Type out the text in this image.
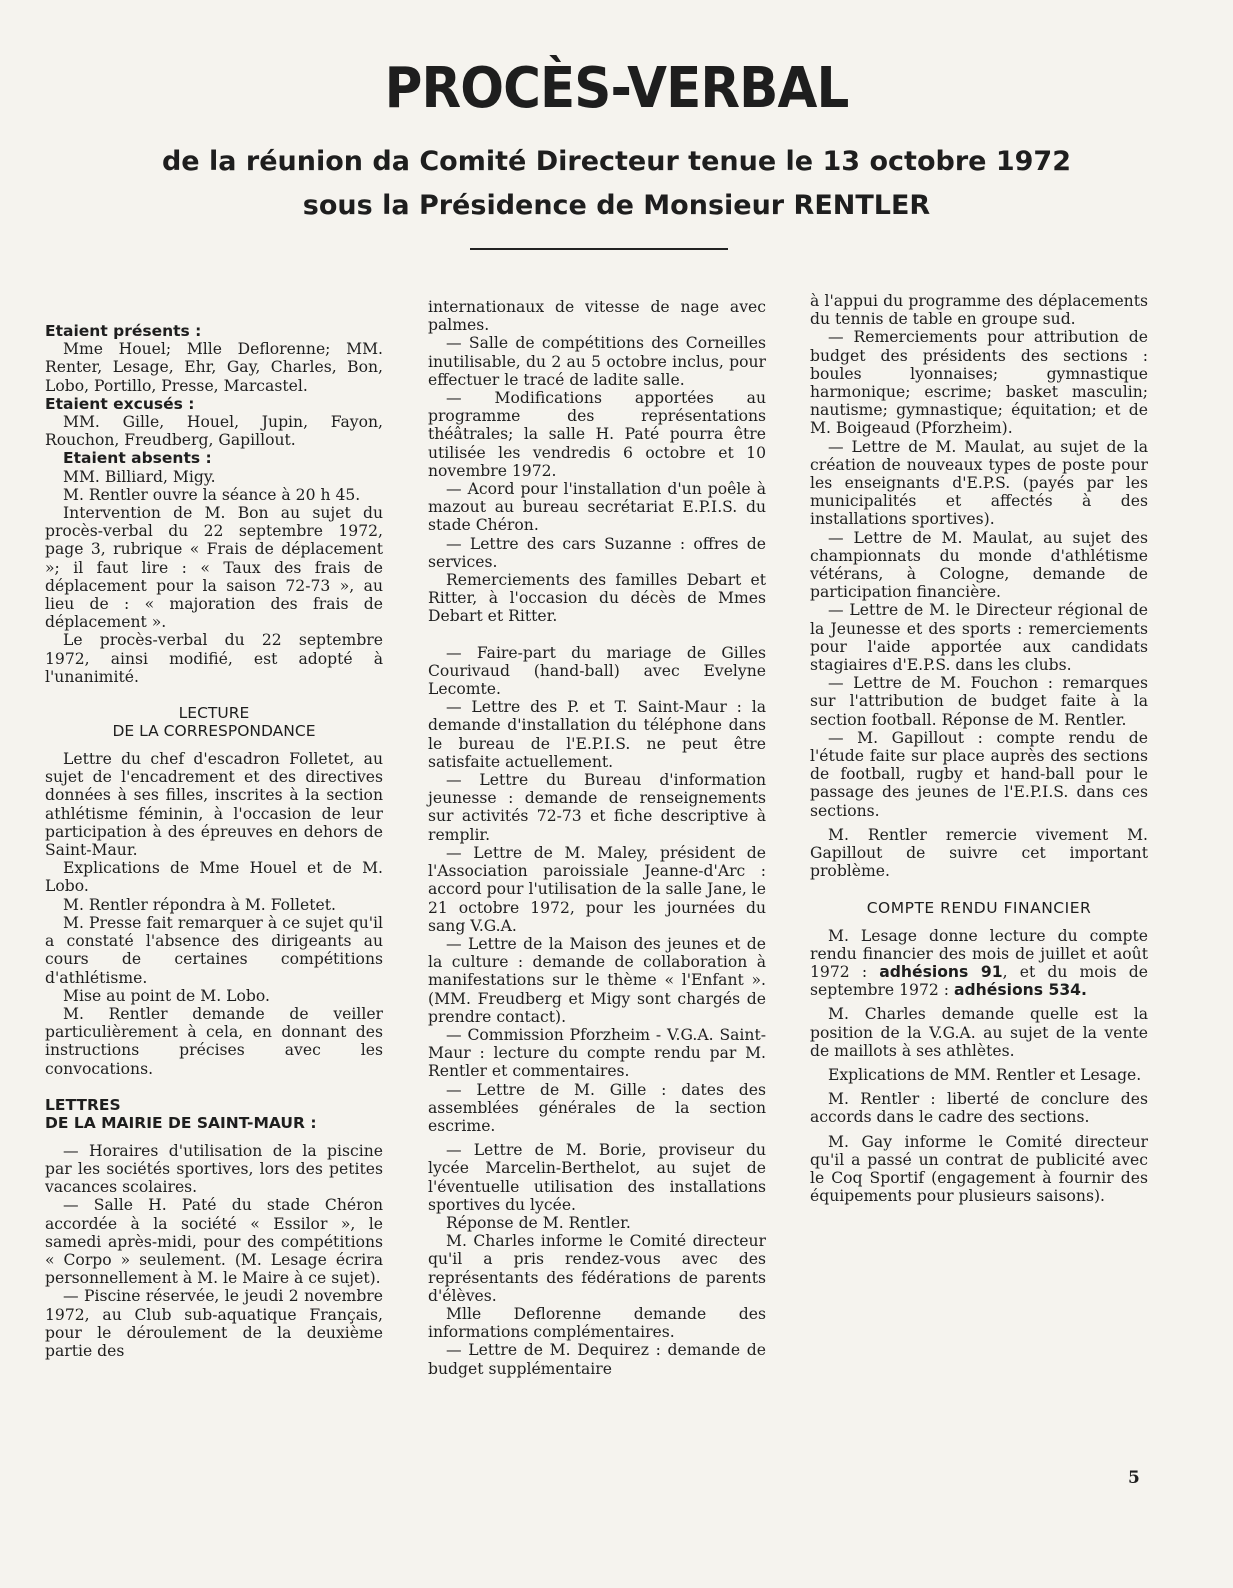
PROCÈS-VERBAL
de la réunion da Comité Directeur tenue le 13 octobre 1972
sous la Présidence de Monsieur RENTLER

Etaient présents :

Mme Houel; Mlle Deflorenne; MM. Renter, Lesage, Ehr, Gay, Charles, Bon, Lobo, Portillo, Presse, Marcastel.

Etaient excusés :

MM. Gille, Houel, Jupin, Fayon, Rouchon, Freudberg, Gapillout.

Etaient absents :

MM. Billiard, Migy.

M. Rentler ouvre la séance à 20 h 45.

Intervention de M. Bon au sujet du procès-verbal du 22 septembre 1972, page 3, rubrique « Frais de déplacement »; il faut lire : « Taux des frais de déplacement pour la saison 72-73 », au lieu de : « majoration des frais de déplacement ».

Le procès-verbal du 22 septembre 1972, ainsi modifié, est adopté à l'unanimité.

LECTURE
DE LA CORRESPONDANCE

Lettre du chef d'escadron Folletet, au sujet de l'encadrement et des directives données à ses filles, inscrites à la section athlétisme féminin, à l'occasion de leur participation à des épreuves en dehors de Saint-Maur.

Explications de Mme Houel et de M. Lobo.

M. Rentler répondra à M. Folletet.

M. Presse fait remarquer à ce sujet qu'il a constaté l'absence des dirigeants au cours de certaines compétitions d'athlétisme.

Mise au point de M. Lobo.

M. Rentler demande de veiller particulièrement à cela, en donnant des instructions précises avec les convocations.

LETTRES
DE LA MAIRIE DE SAINT-MAUR :

— Horaires d'utilisation de la piscine par les sociétés sportives, lors des petites vacances scolaires.

— Salle H. Paté du stade Chéron accordée à la société « Essilor », le samedi après-midi, pour des compétitions « Corpo » seulement. (M. Lesage écrira personnellement à M. le Maire à ce sujet).

— Piscine réservée, le jeudi 2 novembre 1972, au Club sub-aquatique Français, pour le déroulement de la deuxième partie des

internationaux de vitesse de nage avec palmes.

— Salle de compétitions des Corneilles inutilisable, du 2 au 5 octobre inclus, pour effectuer le tracé de ladite salle.

— Modifications apportées au programme des représentations théâtrales; la salle H. Paté pourra être utilisée les vendredis 6 octobre et 10 novembre 1972.

— Acord pour l'installation d'un poêle à mazout au bureau secrétariat E.P.I.S. du stade Chéron.

— Lettre des cars Suzanne : offres de services.

Remerciements des familles Debart et Ritter, à l'occasion du décès de Mmes Debart et Ritter.

— Faire-part du mariage de Gilles Courivaud (hand-ball) avec Evelyne Lecomte.

— Lettre des P. et T. Saint-Maur : la demande d'installation du téléphone dans le bureau de l'E.P.I.S. ne peut être satisfaite actuellement.

— Lettre du Bureau d'information jeunesse : demande de renseignements sur activités 72-73 et fiche descriptive à remplir.

— Lettre de M. Maley, président de l'Association paroissiale Jeanne-d'Arc : accord pour l'utilisation de la salle Jane, le 21 octobre 1972, pour les journées du sang V.G.A.

— Lettre de la Maison des jeunes et de la culture : demande de collaboration à manifestations sur le thème « l'Enfant ». (MM. Freudberg et Migy sont chargés de prendre contact).

— Commission Pforzheim - V.G.A. Saint-Maur : lecture du compte rendu par M. Rentler et commentaires.

— Lettre de M. Gille : dates des assemblées générales de la section escrime.

— Lettre de M. Borie, proviseur du lycée Marcelin-Berthelot, au sujet de l'éventuelle utilisation des installations sportives du lycée.

Réponse de M. Rentler.

M. Charles informe le Comité directeur qu'il a pris rendez-vous avec des représentants des fédérations de parents d'élèves.

Mlle Deflorenne demande des informations complémentaires.

— Lettre de M. Dequirez : demande de budget supplémentaire

à l'appui du programme des déplacements du tennis de table en groupe sud.

— Remerciements pour attribution de budget des présidents des sections : boules lyonnaises; gymnastique harmonique; escrime; basket masculin; nautisme; gymnastique; équitation; et de M. Boigeaud (Pforzheim).

— Lettre de M. Maulat, au sujet de la création de nouveaux types de poste pour les enseignants d'E.P.S. (payés par les municipalités et affectés à des installations sportives).

— Lettre de M. Maulat, au sujet des championnats du monde d'athlétisme vétérans, à Cologne, demande de participation financière.

— Lettre de M. le Directeur régional de la Jeunesse et des sports : remerciements pour l'aide apportée aux candidats stagiaires d'E.P.S. dans les clubs.

— Lettre de M. Fouchon : remarques sur l'attribution de budget faite à la section football. Réponse de M. Rentler.

— M. Gapillout : compte rendu de l'étude faite sur place auprès des sections de football, rugby et hand-ball pour le passage des jeunes de l'E.P.I.S. dans ces sections.

M. Rentler remercie vivement M. Gapillout de suivre cet important problème.

COMPTE RENDU FINANCIER

M. Lesage donne lecture du compte rendu financier des mois de juillet et août 1972 : adhésions 91, et du mois de septembre 1972 : adhésions 534.

M. Charles demande quelle est la position de la V.G.A. au sujet de la vente de maillots à ses athlètes.

Explications de MM. Rentler et Lesage.

M. Rentler : liberté de conclure des accords dans le cadre des sections.

M. Gay informe le Comité directeur qu'il a passé un contrat de publicité avec le Coq Sportif (engagement à fournir des équipements pour plusieurs saisons).

5
